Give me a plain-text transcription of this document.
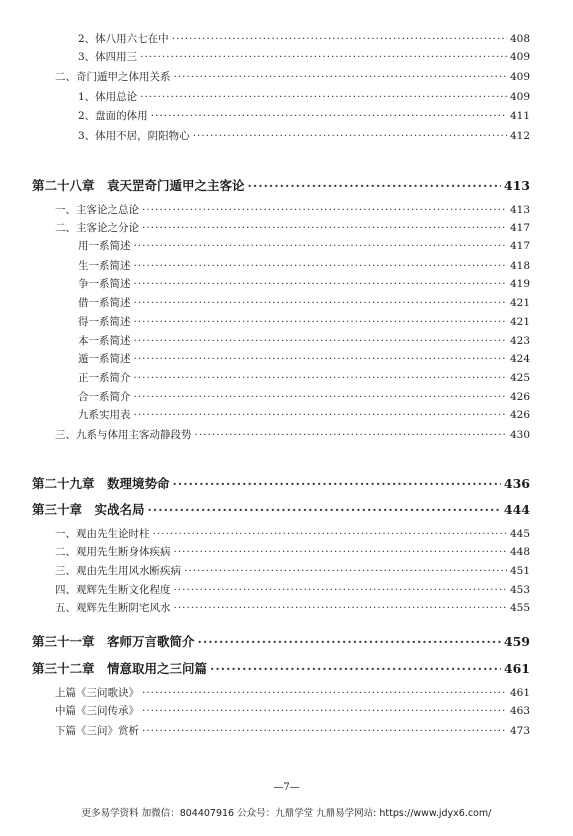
2、体八用六七在中 ·····	408
3、体四用三 ·····	409
二、奇门遁甲之体用关系 ·····	409
1、体用总论 ·····	409
2、盘面的体用 ·····	411
3、体用不居，阴阳物心 ·····	412
第二十八章　袁天罡奇门遁甲之主客论 ·····	413
一、主客论之总论 ·····	413
二、主客论之分论 ·····	417
用一系简述 ·····	417
生一系简述 ·····	418
争一系简述 ·····	419
借一系简述 ·····	421
得一系简述 ·····	421
本一系简述 ·····	423
遁一系简述 ·····	424
正一系简介 ·····	425
合一系简介 ·····	426
九系实用表 ·····	426
三、九系与体用主客动静段势 ·····	430
第二十九章　数理境势命 ·····	436
第三十章　实战名局 ·····	444
一、观由先生论时柱 ·····	445
二、观用先生断身体疾病 ·····	448
三、观由先生用风水断疾病 ·····	451
四、观辉先生断文化程度 ·····	453
五、观辉先生断阴宅风水 ·····	455
第三十一章　客师万言歌简介 ·····	459
第三十二章　情意取用之三问篇 ·····	461
上篇《三问歌诀》 ·····	461
中篇《三问传承》 ·····	463
下篇《三问》赏析 ·····	473
—7—
更多易学资料 加微信：804407916 公众号：九鼎学堂 九鼎易学网站: https://www.jdyx6.com/
